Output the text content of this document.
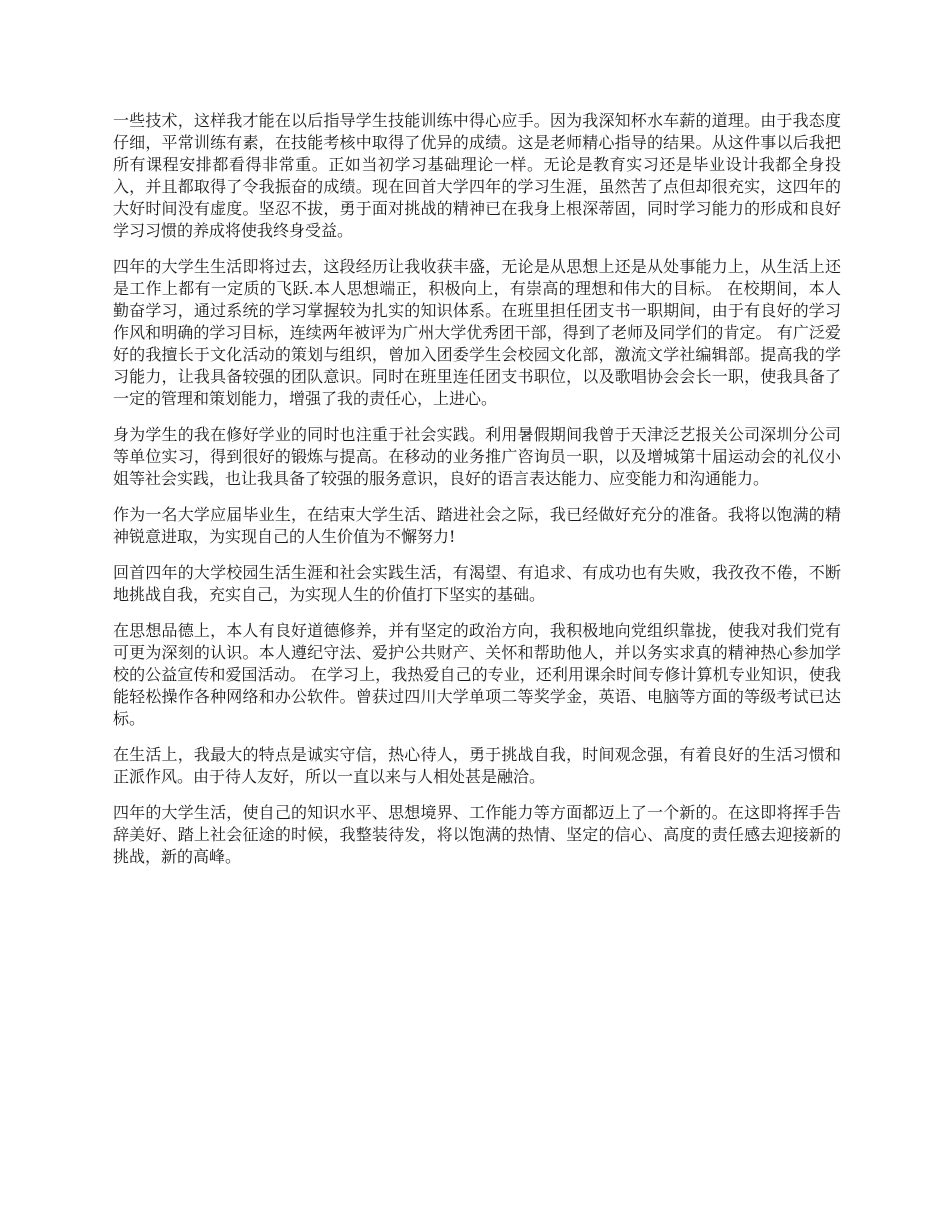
一些技术，这样我才能在以后指导学生技能训练中得心应手。因为我深知杯水车薪的道理。由于我态度仔细，平常训练有素，在技能考核中取得了优异的成绩。这是老师精心指导的结果。从这件事以后我把所有课程安排都看得非常重。正如当初学习基础理论一样。无论是教育实习还是毕业设计我都全身投入，并且都取得了令我振奋的成绩。现在回首大学四年的学习生涯，虽然苦了点但却很充实，这四年的大好时间没有虚度。坚忍不拔，勇于面对挑战的精神已在我身上根深蒂固，同时学习能力的形成和良好学习习惯的养成将使我终身受益。

四年的大学生生活即将过去，这段经历让我收获丰盛，无论是从思想上还是从处事能力上，从生活上还是工作上都有一定质的飞跃.本人思想端正，积极向上，有崇高的理想和伟大的目标。 在校期间，本人勤奋学习，通过系统的学习掌握较为扎实的知识体系。在班里担任团支书一职期间，由于有良好的学习作风和明确的学习目标，连续两年被评为广州大学优秀团干部，得到了老师及同学们的肯定。 有广泛爱好的我擅长于文化活动的策划与组织，曾加入团委学生会校园文化部，激流文学社编辑部。提高我的学习能力，让我具备较强的团队意识。同时在班里连任团支书职位，以及歌唱协会会长一职，使我具备了一定的管理和策划能力，增强了我的责任心，上进心。

身为学生的我在修好学业的同时也注重于社会实践。利用暑假期间我曾于天津泛艺报关公司深圳分公司等单位实习，得到很好的锻炼与提高。在移动的业务推广咨询员一职，以及增城第十届运动会的礼仪小姐等社会实践，也让我具备了较强的服务意识，良好的语言表达能力、应变能力和沟通能力。

作为一名大学应届毕业生，在结束大学生活、踏进社会之际，我已经做好充分的准备。我将以饱满的精神锐意进取，为实现自己的人生价值为不懈努力!

回首四年的大学校园生活生涯和社会实践生活，有渴望、有追求、有成功也有失败，我孜孜不倦，不断地挑战自我，充实自己，为实现人生的价值打下坚实的基础。

在思想品德上，本人有良好道德修养，并有坚定的政治方向，我积极地向党组织靠拢，使我对我们党有可更为深刻的认识。本人遵纪守法、爱护公共财产、关怀和帮助他人，并以务实求真的精神热心参加学校的公益宣传和爱国活动。 在学习上，我热爱自己的专业，还利用课余时间专修计算机专业知识，使我能轻松操作各种网络和办公软件。曾获过四川大学单项二等奖学金，英语、电脑等方面的等级考试已达标。

在生活上，我最大的特点是诚实守信，热心待人，勇于挑战自我，时间观念强，有着良好的生活习惯和正派作风。由于待人友好，所以一直以来与人相处甚是融洽。

四年的大学生活，使自己的知识水平、思想境界、工作能力等方面都迈上了一个新的。在这即将挥手告辞美好、踏上社会征途的时候，我整装待发，将以饱满的热情、坚定的信心、高度的责任感去迎接新的挑战，新的高峰。
